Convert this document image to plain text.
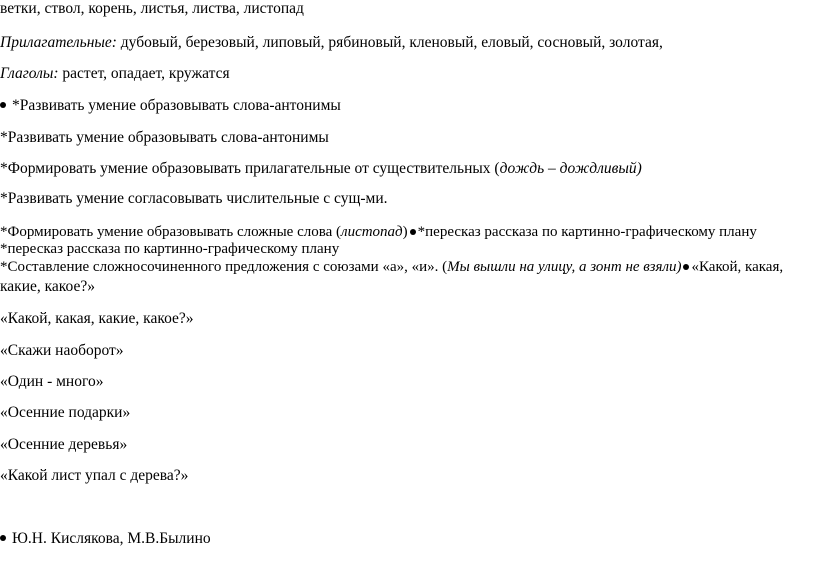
ветки, ствол, корень, листья, листва, листопад
Прилагательные: дубовый, березовый, липовый, рябиновый, кленовый, еловый, сосновый, золотая,
Глаголы: растет, опадает, кружатся
*Развивать умение образовывать слова-антонимы
*Развивать умение образовывать слова-антонимы
*Формировать умение образовывать прилагательные от существительных (дождь – дождливый)
*Развивать умение согласовывать числительные с сущ-ми.
*Формировать умение образовывать сложные слова (листопад) *пересказ рассказа по картинно-графическому плану
*пересказ рассказа по картинно-графическому плану
*Составление сложносочиненного предложения с союзами «а», «и». (Мы вышли на улицу, а зонт не взяли) «Какой, какая,
какие, какое?»
«Какой, какая, какие, какое?»
«Скажи наоборот»
«Один - много»
«Осенние подарки»
«Осенние деревья»
«Какой лист упал с дерева?»
Ю.Н. Кислякова, М.В.Былино
